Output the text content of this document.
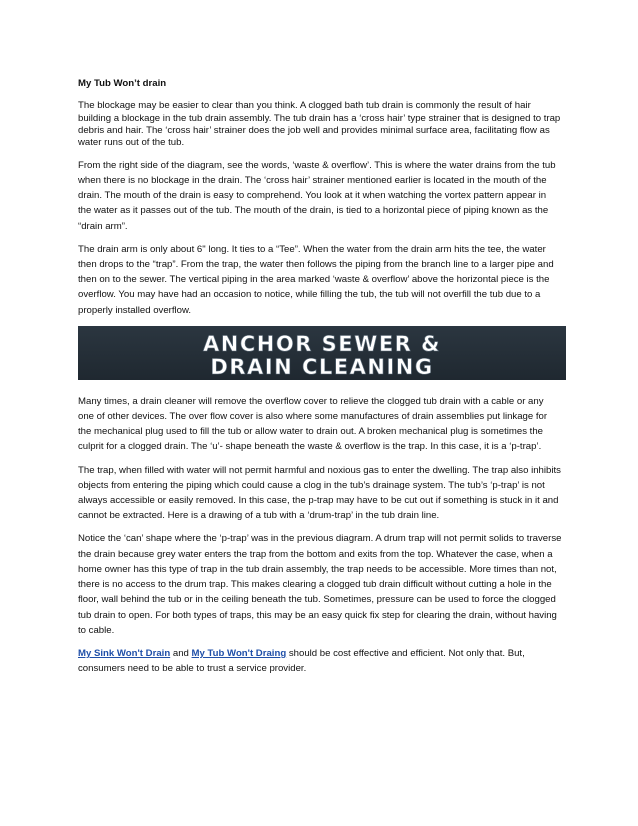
My Tub Won’t drain

The blockage may be easier to clear than you think. A clogged bath tub drain is commonly the result of hair building a blockage in the tub drain assembly. The tub drain has a ‘cross hair’ type strainer that is designed to trap debris and hair. The ‘cross hair’ strainer does the job well and provides minimal surface area, facilitating flow as water runs out of the tub.

From the right side of the diagram, see the words, ‘waste & overflow’. This is where the water drains from the tub when there is no blockage in the drain. The ‘cross hair’ strainer mentioned earlier is located in the mouth of the drain. The mouth of the drain is easy to comprehend. You look at it when watching the vortex pattern appear in the water as it passes out of the tub. The mouth of the drain, is tied to a horizontal piece of piping known as the “drain arm”.

The drain arm is only about 6" long. It ties to a “Tee”. When the water from the drain arm hits the tee, the water then drops to the “trap”. From the trap, the water then follows the piping from the branch line to a larger pipe and then on to the sewer. The vertical piping in the area marked ‘waste & overflow’ above the horizontal piece is the overflow. You may have had an occasion to notice, while filling the tub, the tub will not overfill the tub due to a properly installed overflow.

ANCHOR SEWER &
DRAIN CLEANING

Many times, a drain cleaner will remove the overflow cover to relieve the clogged tub drain with a cable or any one of other devices. The over flow cover is also where some manufactures of drain assemblies put linkage for the mechanical plug used to fill the tub or allow water to drain out. A broken mechanical plug is sometimes the culprit for a clogged drain. The ‘u’- shape beneath the waste & overflow is the trap. In this case, it is a ‘p-trap’.

The trap, when filled with water will not permit harmful and noxious gas to enter the dwelling. The trap also inhibits objects from entering the piping which could cause a clog in the tub’s drainage system. The tub’s ‘p-trap’ is not always accessible or easily removed. In this case, the p-trap may have to be cut out if something is stuck in it and cannot be extracted. Here is a drawing of a tub with a ‘drum-trap’ in the tub drain line.

Notice the ‘can’ shape where the ‘p-trap’ was in the previous diagram. A drum trap will not permit solids to traverse the drain because grey water enters the trap from the bottom and exits from the top. Whatever the case, when a home owner has this type of trap in the tub drain assembly, the trap needs to be accessible. More times than not, there is no access to the drum trap. This makes clearing a clogged tub drain difficult without cutting a hole in the floor, wall behind the tub or in the ceiling beneath the tub. Sometimes, pressure can be used to force the clogged tub drain to open. For both types of traps, this may be an easy quick fix step for clearing the drain, without having to cable.

My Sink Won't Drain and My Tub Won't Draing should be cost effective and efficient. Not only that. But, consumers need to be able to trust a service provider.
